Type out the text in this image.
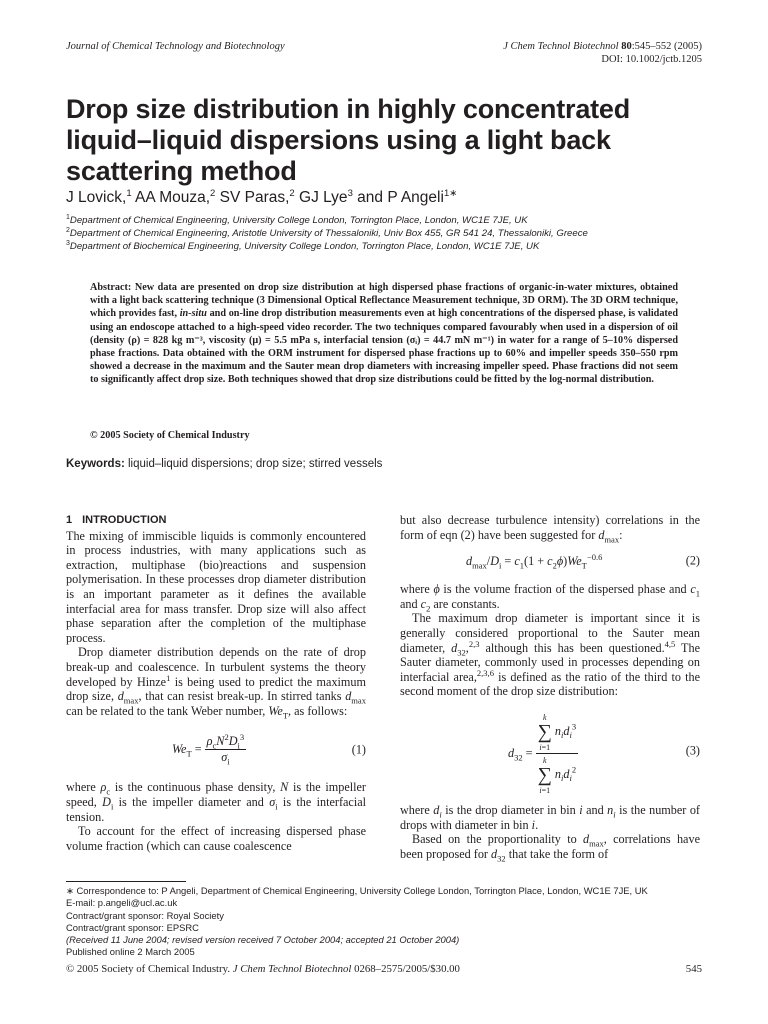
Journal of Chemical Technology and Biotechnology	J Chem Technol Biotechnol 80:545–552 (2005)
DOI: 10.1002/jctb.1205
Drop size distribution in highly concentrated liquid–liquid dispersions using a light back scattering method
J Lovick,$^1$ AA Mouza,$^2$ SV Paras,$^2$ GJ Lye$^3$ and P Angeli$^{1∗}$
$^1$Department of Chemical Engineering, University College London, Torrington Place, London, WC1E 7JE, UK
$^2$Department of Chemical Engineering, Aristotle University of Thessaloniki, Univ Box 455, GR 541 24, Thessaloniki, Greece
$^3$Department of Biochemical Engineering, University College London, Torrington Place, London, WC1E 7JE, UK
Abstract: New data are presented on drop size distribution at high dispersed phase fractions of organic-in-water mixtures, obtained with a light back scattering technique (3 Dimensional Optical Reflectance Measurement technique, 3D ORM). The 3D ORM technique, which provides fast, in-situ and on-line drop distribution measurements even at high concentrations of the dispersed phase, is validated using an endoscope attached to a high-speed video recorder. The two techniques compared favourably when used in a dispersion of oil (density (ρ) = 828 kg m⁻³, viscosity (μ) = 5.5 mPa s, interfacial tension (σᵢ) = 44.7 mN m⁻¹) in water for a range of 5–10% dispersed phase fractions. Data obtained with the ORM instrument for dispersed phase fractions up to 60% and impeller speeds 350–550 rpm showed a decrease in the maximum and the Sauter mean drop diameters with increasing impeller speed. Phase fractions did not seem to significantly affect drop size. Both techniques showed that drop size distributions could be fitted by the log-normal distribution.
© 2005 Society of Chemical Industry
Keywords: liquid–liquid dispersions; drop size; stirred vessels
1 INTRODUCTION

The mixing of immiscible liquids is commonly encountered in process industries, with many applications such as extraction, multiphase (bio)reactions and suspension polymerisation. In these processes drop diameter distribution is an important parameter as it defines the available interfacial area for mass transfer. Drop size will also affect phase separation after the completion of the multiphase process.

Drop diameter distribution depends on the rate of drop break-up and coalescence. In turbulent systems the theory developed by Hinze$^1$ is being used to predict the maximum drop size, $d_{max}$, that can resist break-up. In stirred tanks $d_{max}$ can be related to the tank Weber number, $We_T$, as follows:

$We_T = \frac{\rho_cN^2D_i^3}{\sigma_i}$	(1)

where $\rho_c$ is the continuous phase density, N is the impeller speed, $D_i$ is the impeller diameter and $\sigma_i$ is the interfacial tension.

To account for the effect of increasing dispersed phase volume fraction (which can cause coalescence

but also decrease turbulence intensity) correlations in the form of eqn (2) have been suggested for $d_{max}$:

$d_{max}/D_i = c_1(1 + c_2\phi)We_T^{-0.6}$	(2)

where ϕ is the volume fraction of the dispersed phase and $c_1$ and $c_2$ are constants.

The maximum drop diameter is important since it is generally considered proportional to the Sauter mean diameter, $d_{32},^{2,3}$ although this has been questioned.$^{4,5}$ The Sauter diameter, commonly used in processes depending on interfacial area,$^{2,3,6}$ is defined as the ratio of the third to the second moment of the drop size distribution:

$d_{32}$ =
k
∑
i=1 $n_id_i^3$
k
∑
i=1 $n_id_i^2$
(3)

where $d_i$ is the drop diameter in bin i and $n_i$ is the number of drops with diameter in bin i.

Based on the proportionality to $d_{max}$, correlations have been proposed for $d_{32}$ that take the form of

∗ Correspondence to: P Angeli, Department of Chemical Engineering, University College London, Torrington Place, London, WC1E 7JE, UK
E-mail: p.angeli@ucl.ac.uk
Contract/grant sponsor: Royal Society
Contract/grant sponsor: EPSRC
(Received 11 June 2004; revised version received 7 October 2004; accepted 21 October 2004)
Published online 2 March 2005
© 2005 Society of Chemical Industry. J Chem Technol Biotechnol 0268–2575/2005/$30.00	545
